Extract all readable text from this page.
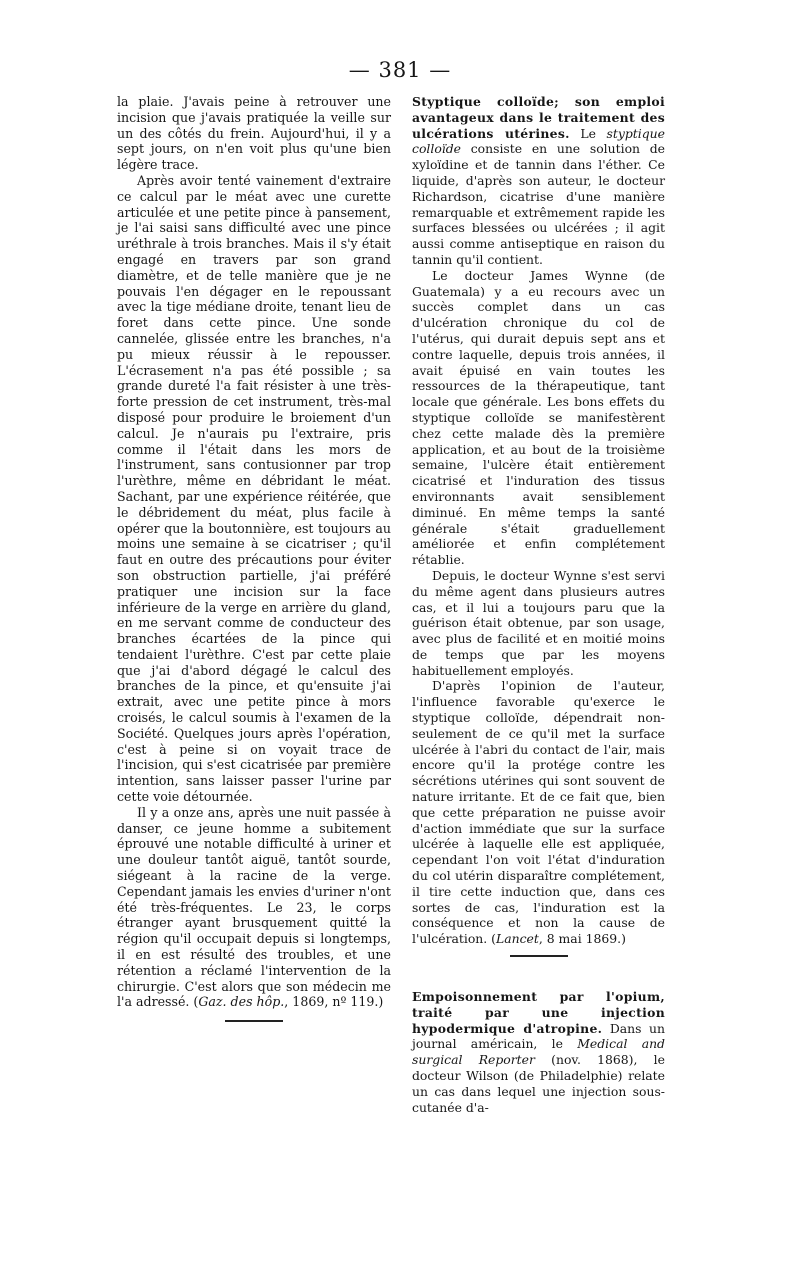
— 381 —

la plaie. J'avais peine à retrouver une incision que j'avais pratiquée la veille sur un des côtés du frein. Aujourd'hui, il y a sept jours, on n'en voit plus qu'une bien légère trace.

Après avoir tenté vainement d'extraire ce calcul par le méat avec une curette articulée et une petite pince à pansement, je l'ai saisi sans difficulté avec une pince uréthrale à trois branches. Mais il s'y était engagé en travers par son grand diamètre, et de telle manière que je ne pouvais l'en dégager en le repoussant avec la tige médiane droite, tenant lieu de foret dans cette pince. Une sonde cannelée, glissée entre les branches, n'a pu mieux réussir à le repousser. L'écrasement n'a pas été possible ; sa grande dureté l'a fait résister à une très-forte pression de cet instrument, très-mal disposé pour produire le broiement d'un calcul. Je n'aurais pu l'extraire, pris comme il l'était dans les mors de l'instrument, sans contusionner par trop l'urèthre, même en débridant le méat. Sachant, par une expérience réitérée, que le débridement du méat, plus facile à opérer que la boutonnière, est toujours au moins une semaine à se cicatriser ; qu'il faut en outre des précautions pour éviter son obstruction partielle, j'ai préféré pratiquer une incision sur la face inférieure de la verge en arrière du gland, en me servant comme de conducteur des branches écartées de la pince qui tendaient l'urèthre. C'est par cette plaie que j'ai d'abord dégagé le calcul des branches de la pince, et qu'ensuite j'ai extrait, avec une petite pince à mors croisés, le calcul soumis à l'examen de la Société. Quelques jours après l'opération, c'est à peine si on voyait trace de l'incision, qui s'est cicatrisée par première intention, sans laisser passer l'urine par cette voie détournée.

Il y a onze ans, après une nuit passée à danser, ce jeune homme a subitement éprouvé une notable difficulté à uriner et une douleur tantôt aiguë, tantôt sourde, siégeant à la racine de la verge. Cependant jamais les envies d'uriner n'ont été très-fréquentes. Le 23, le corps étranger ayant brusquement quitté la région qu'il occupait depuis si longtemps, il en est résulté des troubles, et une rétention a réclamé l'intervention de la chirurgie. C'est alors que son médecin me l'a adressé. (Gaz. des hôp., 1869, nº 119.)

Styptique colloïde; son emploi avantageux dans le traitement des ulcérations utérines. Le styptique colloïde consiste en une solution de xyloïdine et de tannin dans l'éther. Ce liquide, d'après son auteur, le docteur Richardson, cicatrise d'une manière remarquable et extrêmement rapide les surfaces blessées ou ulcérées ; il agit aussi comme antiseptique en raison du tannin qu'il contient.

Le docteur James Wynne (de Guatemala) y a eu recours avec un succès complet dans un cas d'ulcération chronique du col de l'utérus, qui durait depuis sept ans et contre laquelle, depuis trois années, il avait épuisé en vain toutes les ressources de la thérapeutique, tant locale que générale. Les bons effets du styptique colloïde se manifestèrent chez cette malade dès la première application, et au bout de la troisième semaine, l'ulcère était entièrement cicatrisé et l'induration des tissus environnants avait sensiblement diminué. En même temps la santé générale s'était graduellement améliorée et enfin complétement rétablie.

Depuis, le docteur Wynne s'est servi du même agent dans plusieurs autres cas, et il lui a toujours paru que la guérison était obtenue, par son usage, avec plus de facilité et en moitié moins de temps que par les moyens habituellement employés.

D'après l'opinion de l'auteur, l'influence favorable qu'exerce le styptique colloïde, dépendrait non-seulement de ce qu'il met la surface ulcérée à l'abri du contact de l'air, mais encore qu'il la protége contre les sécrétions utérines qui sont souvent de nature irritante. Et de ce fait que, bien que cette préparation ne puisse avoir d'action immédiate que sur la surface ulcérée à laquelle elle est appliquée, cependant l'on voit l'état d'induration du col utérin disparaître complétement, il tire cette induction que, dans ces sortes de cas, l'induration est la conséquence et non la cause de l'ulcération. (Lancet, 8 mai 1869.)

Empoisonnement par l'opium, traité par une injection hypodermique d'atropine. Dans un journal américain, le Medical and surgical Reporter (nov. 1868), le docteur Wilson (de Philadelphie) relate un cas dans lequel une injection sous-cutanée d'a-
